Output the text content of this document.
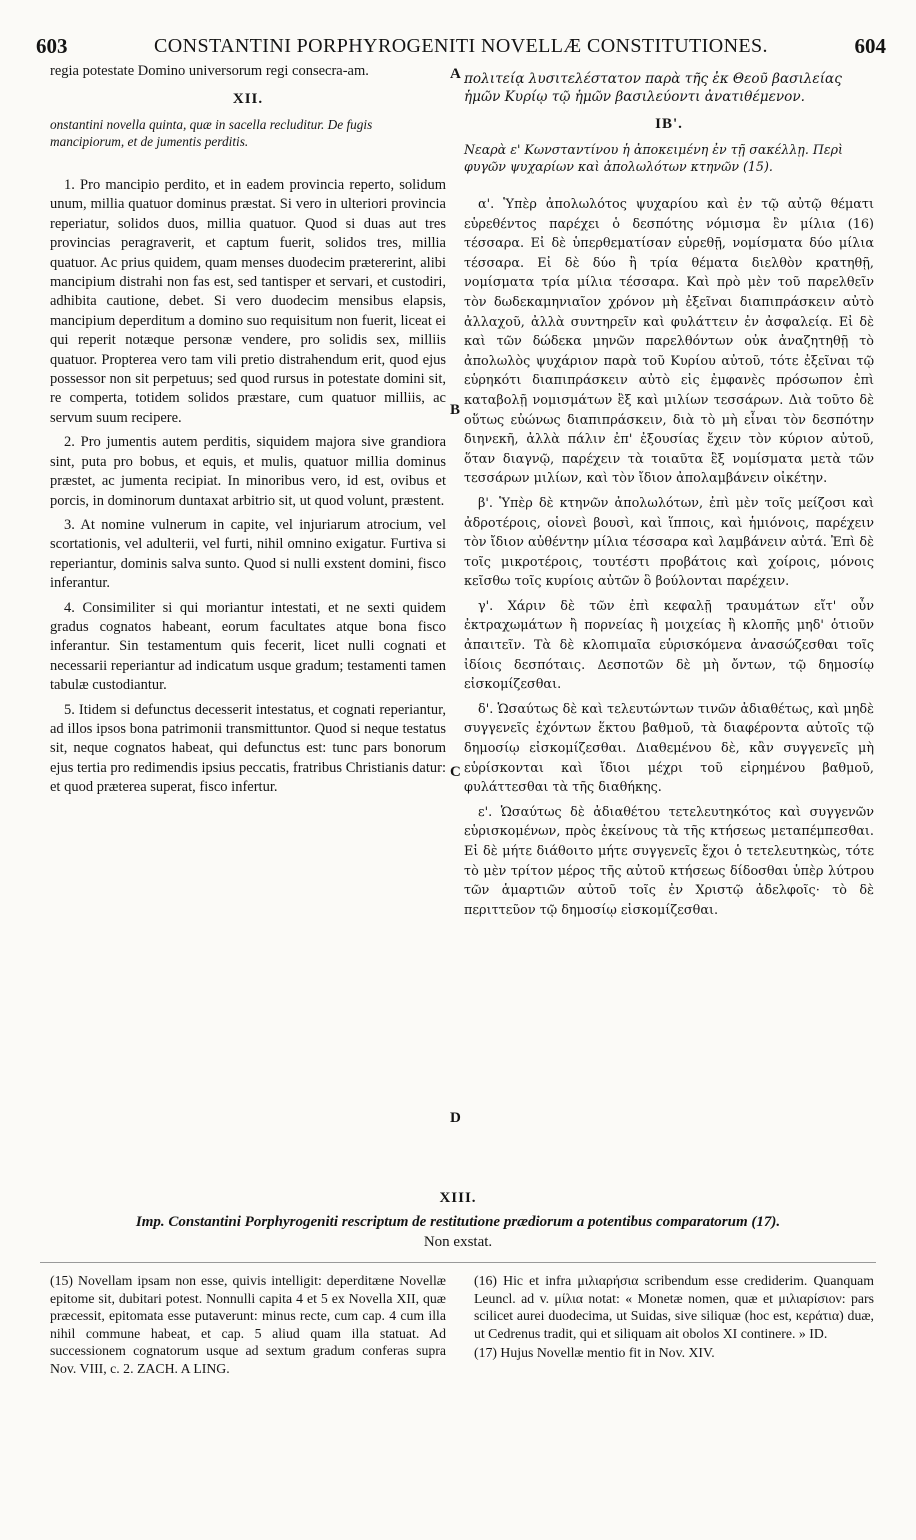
603	CONSTANTINI PORPHYROGENITI NOVELLÆ CONSTITUTIONES.	604
A
B
C
D

regia potestate Domino universorum regi consecra-am.

XII.

onstantini novella quinta, quæ in sacella recluditur. De fugis mancipiorum, et de jumentis perditis.

1. Pro mancipio perdito, et in eadem provincia reperto, solidum unum, millia quatuor dominus præstat. Si vero in ulteriori provincia reperiatur, solidos duos, millia quatuor. Quod si duas aut tres provincias peragraverit, et captum fuerit, solidos tres, millia quatuor. Ac prius quidem, quam menses duodecim prætererint, alibi mancipium distrahi non fas est, sed tantisper et servari, et custodiri, adhibita cautione, debet. Si vero duodecim mensibus elapsis, mancipium deperditum a domino suo requisitum non fuerit, liceat ei qui reperit notæque personæ vendere, pro solidis sex, milliis quatuor. Propterea vero tam vili pretio distrahendum erit, quod ejus possessor non sit perpetuus; sed quod rursus in potestate domini sit, re comperta, totidem solidos præstare, cum quatuor milliis, ac servum suum recipere.

2. Pro jumentis autem perditis, siquidem majora sive grandiora sint, puta pro bobus, et equis, et mulis, quatuor millia dominus præstet, ac jumenta recipiat. In minoribus vero, id est, ovibus et porcis, in dominorum duntaxat arbitrio sit, ut quod volunt, præstent.

3. At nomine vulnerum in capite, vel injuriarum atrocium, vel scortationis, vel adulterii, vel furti, nihil omnino exigatur. Furtiva si reperiantur, dominis salva sunto. Quod si nulli exstent domini, fisco inferantur.

4. Consimiliter si qui moriantur intestati, et ne sexti quidem gradus cognatos habeant, eorum facultates atque bona fisco inferantur. Sin testamentum quis fecerit, licet nulli cognati et necessarii reperiantur ad indicatum usque gradum; testamenti tamen tabulæ custodiantur.

5. Itidem si defunctus decesserit intestatus, et cognati reperiantur, ad illos ipsos bona patrimonii transmittuntor. Quod si neque testatus sit, neque cognatos habeat, qui defunctus est: tunc pars bonorum ejus tertia pro redimendis ipsius peccatis, fratribus Christianis datur: et quod præterea superat, fisco infertur.

πολιτείᾳ λυσιτελέστατον παρὰ τῆς ἐκ Θεοῦ βασιλείας ἡμῶν Κυρίῳ τῷ ἡμῶν βασιλεύοντι ἀνατιθέμενον.

ΙΒ'.

Νεαρὰ ε' Κωνσταντίνου ἡ ἀποκειμένη ἐν τῇ σακέλλῃ. Περὶ φυγῶν ψυχαρίων καὶ ἀπολωλότων κτηνῶν (15).

α'. Ὑπὲρ ἀπολωλότος ψυχαρίου καὶ ἐν τῷ αὐτῷ θέματι εὑρεθέντος παρέχει ὁ δεσπότης νόμισμα ἓν μίλια (16) τέσσαρα. Εἰ δὲ ὑπερθεματίσαν εὑρεθῇ, νομίσματα δύο μίλια τέσσαρα. Εἰ δὲ δύο ἢ τρία θέματα διελθὸν κρατηθῇ, νομίσματα τρία μίλια τέσσαρα. Καὶ πρὸ μὲν τοῦ παρελθεῖν τὸν δωδεκαμηνιαῖον χρόνον μὴ ἐξεῖναι διαπιπράσκειν αὐτὸ ἀλλαχοῦ, ἀλλὰ συντηρεῖν καὶ φυλάττειν ἐν ἀσφαλείᾳ. Εἰ δὲ καὶ τῶν δώδεκα μηνῶν παρελθόντων οὐκ ἀναζητηθῇ τὸ ἀπολωλὸς ψυχάριον παρὰ τοῦ Κυρίου αὐτοῦ, τότε ἐξεῖναι τῷ εὑρηκότι διαπιπράσκειν αὐτὸ εἰς ἐμφανὲς πρόσωπον ἐπὶ καταβολῇ νομισμάτων ἓξ καὶ μιλίων τεσσάρων. Διὰ τοῦτο δὲ οὕτως εὐώνως διαπιπράσκειν, διὰ τὸ μὴ εἶναι τὸν δεσπότην διηνεκῆ, ἀλλὰ πάλιν ἐπ' ἐξουσίας ἔχειν τὸν κύριον αὐτοῦ, ὅταν διαγνῷ, παρέχειν τὰ τοιαῦτα ἓξ νομίσματα μετὰ τῶν τεσσάρων μιλίων, καὶ τὸν ἴδιον ἀπολαμβάνειν οἰκέτην.

β'. Ὑπὲρ δὲ κτηνῶν ἀπολωλότων, ἐπὶ μὲν τοῖς μείζοσι καὶ ἀδροτέροις, οἱονεὶ βουσὶ, καὶ ἵπποις, καὶ ἡμιόνοις, παρέχειν τὸν ἴδιον αὐθέντην μίλια τέσσαρα καὶ λαμβάνειν αὐτά. Ἐπὶ δὲ τοῖς μικροτέροις, τουτέστι προβάτοις καὶ χοίροις, μόνοις κεῖσθω τοῖς κυρίοις αὐτῶν ὃ βούλονται παρέχειν.

γ'. Χάριν δὲ τῶν ἐπὶ κεφαλῇ τραυμάτων εἴτ' οὖν ἐκτραχωμάτων ἢ πορνείας ἢ μοιχείας ἢ κλοπῆς μηδ' ὁτιοῦν ἀπαιτεῖν. Τὰ δὲ κλοπιμαῖα εὑρισκόμενα ἀνασώζεσθαι τοῖς ἰδίοις δεσπόταις. Δεσποτῶν δὲ μὴ ὄντων, τῷ δημοσίῳ εἰσκομίζεσθαι.

δ'. Ὡσαύτως δὲ καὶ τελευτώντων τινῶν ἀδιαθέτως, καὶ μηδὲ συγγενεῖς ἐχόντων ἕκτου βαθμοῦ, τὰ διαφέροντα αὐτοῖς τῷ δημοσίῳ εἰσκομίζεσθαι. Διαθεμένου δὲ, κἂν συγγενεῖς μὴ εὑρίσκονται καὶ ἴδιοι μέχρι τοῦ εἰρημένου βαθμοῦ, φυλάττεσθαι τὰ τῆς διαθήκης.

ε'. Ὡσαύτως δὲ ἀδιαθέτου τετελευτηκότος καὶ συγγενῶν εὑρισκομένων, πρὸς ἐκείνους τὰ τῆς κτήσεως μεταπέμπεσθαι. Εἰ δὲ μήτε διάθοιτο μήτε συγγενεῖς ἔχοι ὁ τετελευτηκὼς, τότε τὸ μὲν τρίτον μέρος τῆς αὐτοῦ κτήσεως δίδοσθαι ὑπὲρ λύτρου τῶν ἁμαρτιῶν αὐτοῦ τοῖς ἐν Χριστῷ ἀδελφοῖς· τὸ δὲ περιττεῦον τῷ δημοσίῳ εἰσκομίζεσθαι.

XIII.
Imp. Constantini Porphyrogeniti rescriptum de restitutione prædiorum a potentibus comparatorum (17).
Non exstat.

(15) Novellam ipsam non esse, quivis intelligit: deperditæne Novellæ epitome sit, dubitari potest. Nonnulli capita 4 et 5 ex Novella XII, quæ præcessit, epitomata esse putaverunt: minus recte, cum cap. 4 cum illa nihil commune habeat, et cap. 5 aliud quam illa statuat. Ad successionem cognatorum usque ad sextum gradum conferas supra Nov. VIII, c. 2. ZACH. A LING.

(16) Hic et infra μιλιαρήσια scribendum esse crediderim. Quanquam Leuncl. ad v. μίλια notat: « Monetæ nomen, quæ et μιλιαρίσιον: pars scilicet aurei duodecima, ut Suidas, sive siliquæ (hoc est, κεράτια) duæ, ut Cedrenus tradit, qui et siliquam ait obolos XI continere. » ID.

(17) Hujus Novellæ mentio fit in Nov. XIV.
